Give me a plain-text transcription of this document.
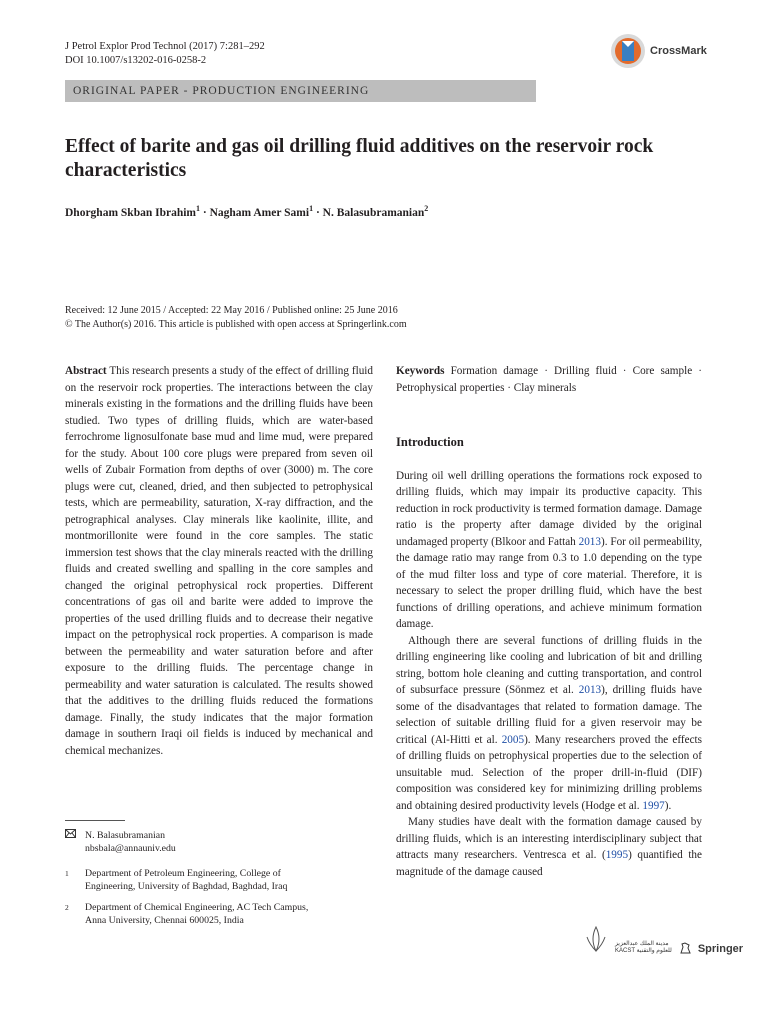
J Petrol Explor Prod Technol (2017) 7:281–292
DOI 10.1007/s13202-016-0258-2
CrossMark
ORIGINAL PAPER - PRODUCTION ENGINEERING
Effect of barite and gas oil drilling fluid additives on the reservoir rock characteristics
Dhorgham Skban Ibrahim$^1$ · Nagham Amer Sami$^1$ · N. Balasubramanian$^2$
Received: 12 June 2015 / Accepted: 22 May 2016 / Published online: 25 June 2016
© The Author(s) 2016. This article is published with open access at Springerlink.com

Abstract This research presents a study of the effect of drilling fluid on the reservoir rock properties. The interactions between the clay minerals existing in the formations and the drilling fluids have been studied. Two types of drilling fluids, which are water-based ferrochrome lignosulfonate base mud and lime mud, were prepared for the study. About 100 core plugs were prepared from seven oil wells of Zubair Formation from depths of over (3000) m. The core plugs were cut, cleaned, dried, and then subjected to petrophysical tests, which are permeability, saturation, X-ray diffraction, and the petrographical analyses. Clay minerals like kaolinite, illite, and montmorillonite were found in the core samples. The static immersion test shows that the clay minerals reacted with the drilling fluids and created swelling and spalling in the core samples and changed the original petrophysical rock properties. Different concentrations of gas oil and barite were added to improve the properties of the used drilling fluids and to decrease their negative impact on the petrophysical rock properties. A comparison is made between the permeability and water saturation before and after exposure to the drilling fluids. The percentage change in permeability and water saturation is calculated. The results showed that the additives to the drilling fluids reduced the formations damage. Finally, the study indicates that the major formation damage in southern Iraqi oil fields is induced by mechanical and chemical mechanizes.

N. Balasubramanian
nbsbala@annauniv.edu
1	Department of Petroleum Engineering, College of
Engineering, University of Baghdad, Baghdad, Iraq
2	Department of Chemical Engineering, AC Tech Campus,
Anna University, Chennai 600025, India

Keywords Formation damage · Drilling fluid · Core sample · Petrophysical properties · Clay minerals

Introduction

During oil well drilling operations the formations rock exposed to drilling fluids, which may impair its productive capacity. This reduction in rock productivity is termed formation damage. Damage ratio is the property after damage divided by the original undamaged property (Blkoor and Fattah 2013). For oil permeability, the damage ratio may range from 0.3 to 1.0 depending on the type of the mud filter loss and type of core material. Therefore, it is necessary to select the proper drilling fluid, which have the best functions of drilling operations, and achieve minimum formation damage.

Although there are several functions of drilling fluids in the drilling engineering like cooling and lubrication of bit and drilling string, bottom hole cleaning and cutting transportation, and control of subsurface pressure (Sönmez et al. 2013), drilling fluids have some of the disadvantages that related to formation damage. The selection of suitable drilling fluid for a given reservoir may be critical (Al-Hitti et al. 2005). Many researchers proved the effects of drilling fluids on petrophysical properties due to the selection of unsuitable mud. Selection of the proper drill-in-fluid (DIF) composition was considered key for minimizing drilling problems and obtaining desired productivity levels (Hodge et al. 1997).

Many studies have dealt with the formation damage caused by drilling fluids, which is an interesting interdisciplinary subject that attracts many researchers. Ventresca et al. (1995) quantified the magnitude of the damage caused

مدينة الملك عبدالعزيز
KACST للعلوم والتقنية Springer
